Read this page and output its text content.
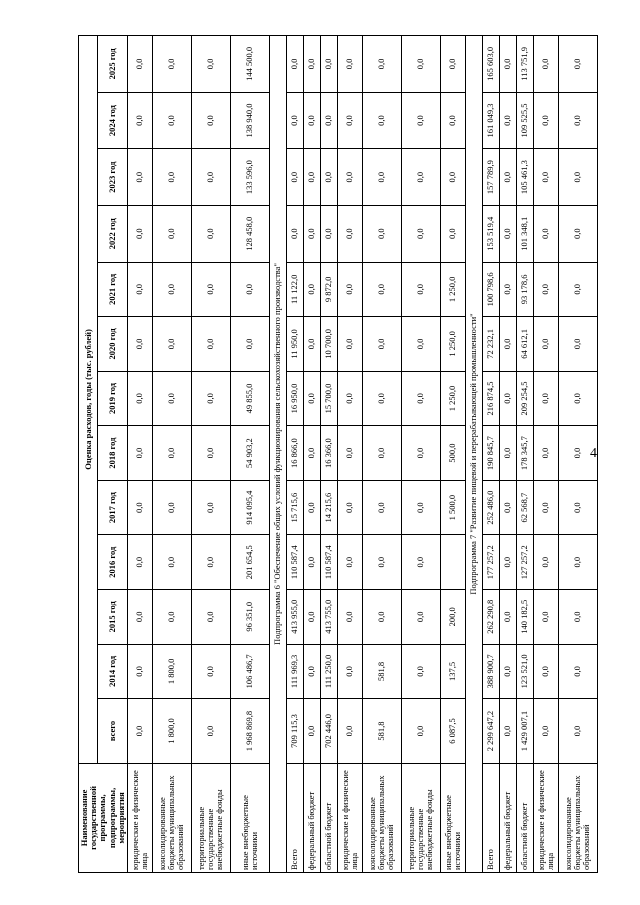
4
Наименование государственной программы, подпрограммы, мероприятия	Оценка расходов, годы (тыс. рублей)												
	всего	2014 год	2015 год	2016 год	2017 год	2018 год	2019 год	2020 год	2021 год	2022 год	2023 год	2024 год	2025 год
юридические и физические лица	0,0	0,0	0,0	0,0	0,0	0,0	0,0	0,0	0,0	0,0	0,0	0,0	0,0
консолидированные бюджеты муниципальных образований	1 800,0	1 800,0	0,0	0,0	0,0	0,0	0,0	0,0	0,0	0,0	0,0	0,0	0,0
территориальные государственные внебюджетные фонды	0,0	0,0	0,0	0,0	0,0	0,0	0,0	0,0	0,0	0,0	0,0	0,0	0,0
иные внебюджетные источники	1 968 869,8	106 486,7	96 351,0	201 654,5	914 095,4	54 903,2	49 855,0	0,0	0,0	128 458,0	133 596,0	138 940,0	144 500,0
Подпрограмма 6 "Обеспечение общих условий функционирования сельскохозяйственного производства"													
Всего	709 115,3	111 969,3	413 955,0	110 587,4	15 715,6	16 866,0	16 950,0	11 950,0	11 122,0	0,0	0,0	0,0	0,0
федеральный бюджет	0,0	0,0	0,0	0,0	0,0	0,0	0,0	0,0	0,0	0,0	0,0	0,0	0,0
областной бюджет	702 446,0	111 250,0	413 755,0	110 587,4	14 215,6	16 366,0	15 700,0	10 700,0	9 872,0	0,0	0,0	0,0	0,0
юридические и физические лица	0,0	0,0	0,0	0,0	0,0	0,0	0,0	0,0	0,0	0,0	0,0	0,0	0,0
консолидированные бюджеты муниципальных образований	581,8	581,8	0,0	0,0	0,0	0,0	0,0	0,0	0,0	0,0	0,0	0,0	0,0
территориальные государственные внебюджетные фонды	0,0	0,0	0,0	0,0	0,0	0,0	0,0	0,0	0,0	0,0	0,0	0,0	0,0
иные внебюджетные источники	6 087,5	137,5	200,0		1 500,0	500,0	1 250,0	1 250,0	1 250,0	0,0	0,0	0,0	0,0
Подпрограмма 7 "Развитие пищевой и перерабатывающей промышленности"													
Всего	2 299 647,2	388 900,7	262 290,8	177 257,2	252 486,0	190 845,7	216 874,5	72 232,1	100 798,6	153 519,4	157 789,9	161 049,3	165 603,0
федеральный бюджет	0,0	0,0	0,0	0,0	0,0	0,0	0,0	0,0	0,0	0,0	0,0	0,0	0,0
областной бюджет	1 429 007,1	123 521,0	140 182,5	127 257,2	62 568,7	178 345,7	209 254,5	64 612,1	93 178,6	101 348,1	105 461,3	109 525,5	113 751,9
юридические и физические лица	0,0	0,0	0,0	0,0	0,0	0,0	0,0	0,0	0,0	0,0	0,0	0,0	0,0
консолидированные бюджеты муниципальных образований	0,0	0,0	0,0	0,0	0,0	0,0	0,0	0,0	0,0	0,0	0,0	0,0	0,0
